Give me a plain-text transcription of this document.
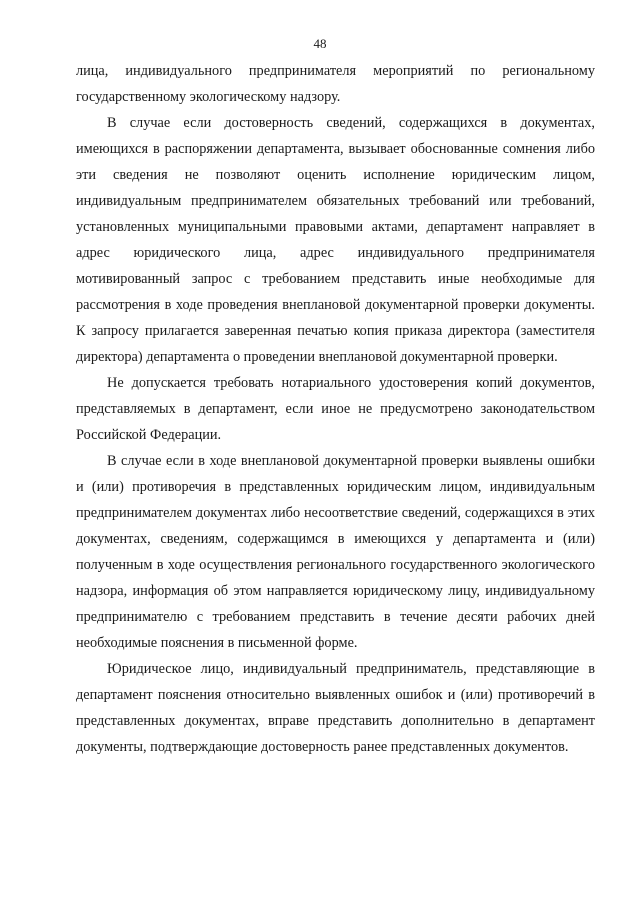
48

лица, индивидуального предпринимателя мероприятий по региональному государственному экологическому надзору.

В случае если достоверность сведений, содержащихся в документах, имеющихся в распоряжении департамента, вызывает обоснованные сомнения либо эти сведения не позволяют оценить исполнение юридическим лицом, индивидуальным предпринимателем обязательных требований или требований, установленных муниципальными правовыми актами, департамент направляет в адрес юридического лица, адрес индивидуального предпринимателя мотивированный запрос с требованием представить иные необходимые для рассмотрения в ходе проведения внеплановой документарной проверки документы. К запросу прилагается заверенная печатью копия приказа директора (заместителя директора) департамента о проведении внеплановой документарной проверки.

Не допускается требовать нотариального удостоверения копий документов, представляемых в департамент, если иное не предусмотрено законодательством Российской Федерации.

В случае если в ходе внеплановой документарной проверки выявлены ошибки и (или) противоречия в представленных юридическим лицом, индивидуальным предпринимателем документах либо несоответствие сведений, содержащихся в этих документах, сведениям, содержащимся в имеющихся у департамента и (или) полученным в ходе осуществления регионального государственного экологического надзора, информация об этом направляется юридическому лицу, индивидуальному предпринимателю с требованием представить в течение десяти рабочих дней необходимые пояснения в письменной форме.

Юридическое лицо, индивидуальный предприниматель, представляющие в департамент пояснения относительно выявленных ошибок и (или) противоречий в представленных документах, вправе представить дополнительно в департамент документы, подтверждающие достоверность ранее представленных документов.
